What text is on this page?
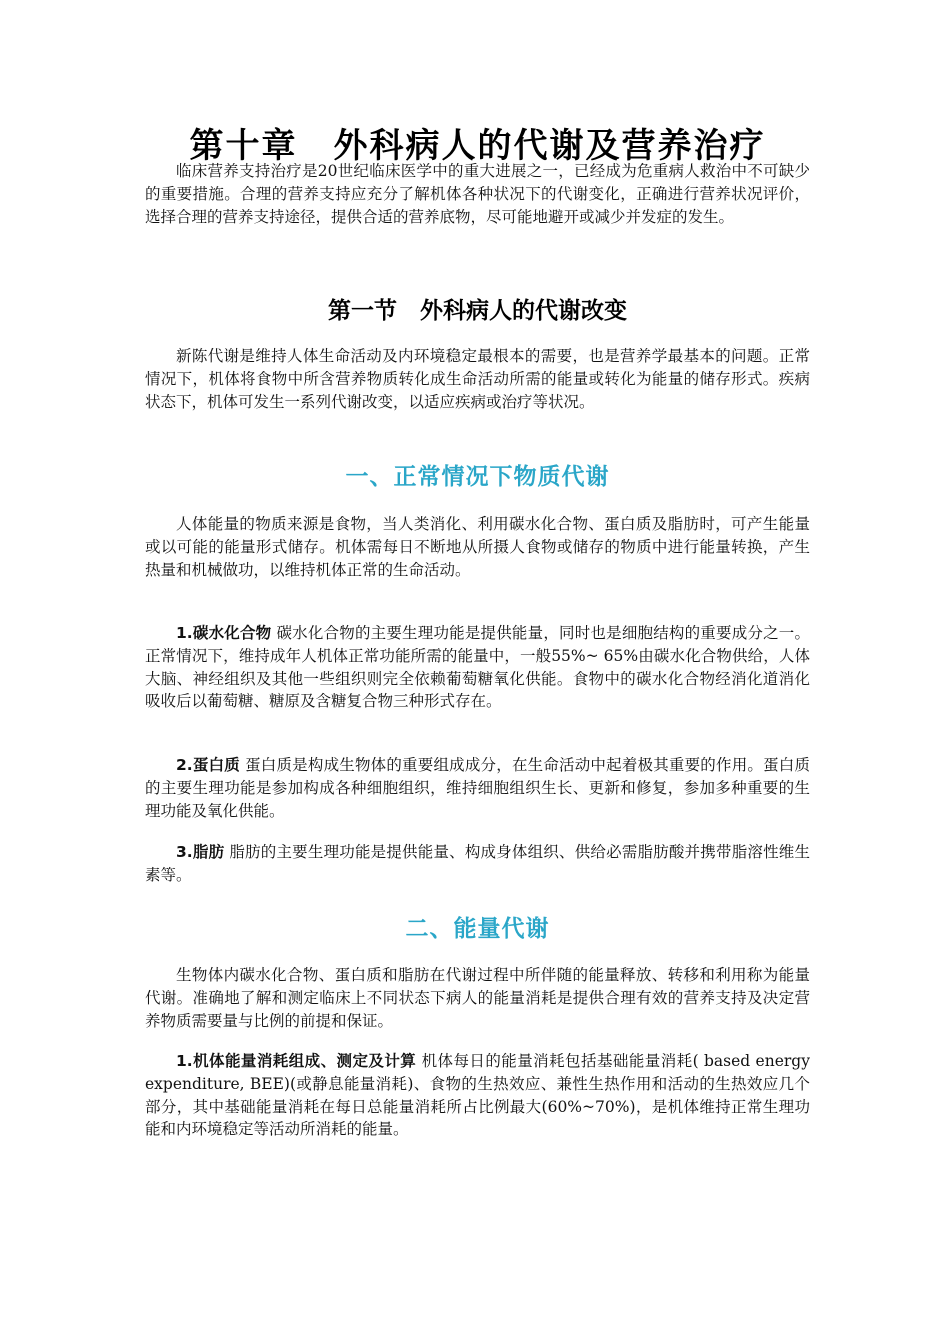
第十章　外科病人的代谢及营养治疗

临床营养支持治疗是20世纪临床医学中的重大进展之一，已经成为危重病人救治中不可缺少的重要措施。合理的营养支持应充分了解机体各种状况下的代谢变化，正确进行营养状况评价，选择合理的营养支持途径，提供合适的营养底物，尽可能地避开或减少并发症的发生。

第一节　外科病人的代谢改变

新陈代谢是维持人体生命活动及内环境稳定最根本的需要，也是营养学最基本的问题。正常情况下，机体将食物中所含营养物质转化成生命活动所需的能量或转化为能量的储存形式。疾病状态下，机体可发生一系列代谢改变，以适应疾病或治疗等状况。

一、正常情况下物质代谢

人体能量的物质来源是食物，当人类消化、利用碳水化合物、蛋白质及脂肪时，可产生能量或以可能的能量形式储存。机体需每日不断地从所摄人食物或储存的物质中进行能量转换，产生热量和机械做功，以维持机体正常的生命活动。

1.碳水化合物 碳水化合物的主要生理功能是提供能量，同时也是细胞结构的重要成分之一。正常情况下，维持成年人机体正常功能所需的能量中，一般55%~ 65%由碳水化合物供给，人体大脑、神经组织及其他一些组织则完全依赖葡萄糖氧化供能。食物中的碳水化合物经消化道消化吸收后以葡萄糖、糖原及含糖复合物三种形式存在。

2.蛋白质 蛋白质是构成生物体的重要组成成分，在生命活动中起着极其重要的作用。蛋白质的主要生理功能是参加构成各种细胞组织，维持细胞组织生长、更新和修复，参加多种重要的生理功能及氧化供能。

3.脂肪 脂肪的主要生理功能是提供能量、构成身体组织、供给必需脂肪酸并携带脂溶性维生素等。

二、能量代谢

生物体内碳水化合物、蛋白质和脂肪在代谢过程中所伴随的能量释放、转移和利用称为能量代谢。准确地了解和测定临床上不同状态下病人的能量消耗是提供合理有效的营养支持及决定营养物质需要量与比例的前提和保证。

1.机体能量消耗组成、测定及计算 机体每日的能量消耗包括基础能量消耗( based energy expenditure, BEE)(或静息能量消耗)、食物的生热效应、兼性生热作用和活动的生热效应几个部分，其中基础能量消耗在每日总能量消耗所占比例最大(60%~70%)，是机体维持正常生理功能和内环境稳定等活动所消耗的能量。
